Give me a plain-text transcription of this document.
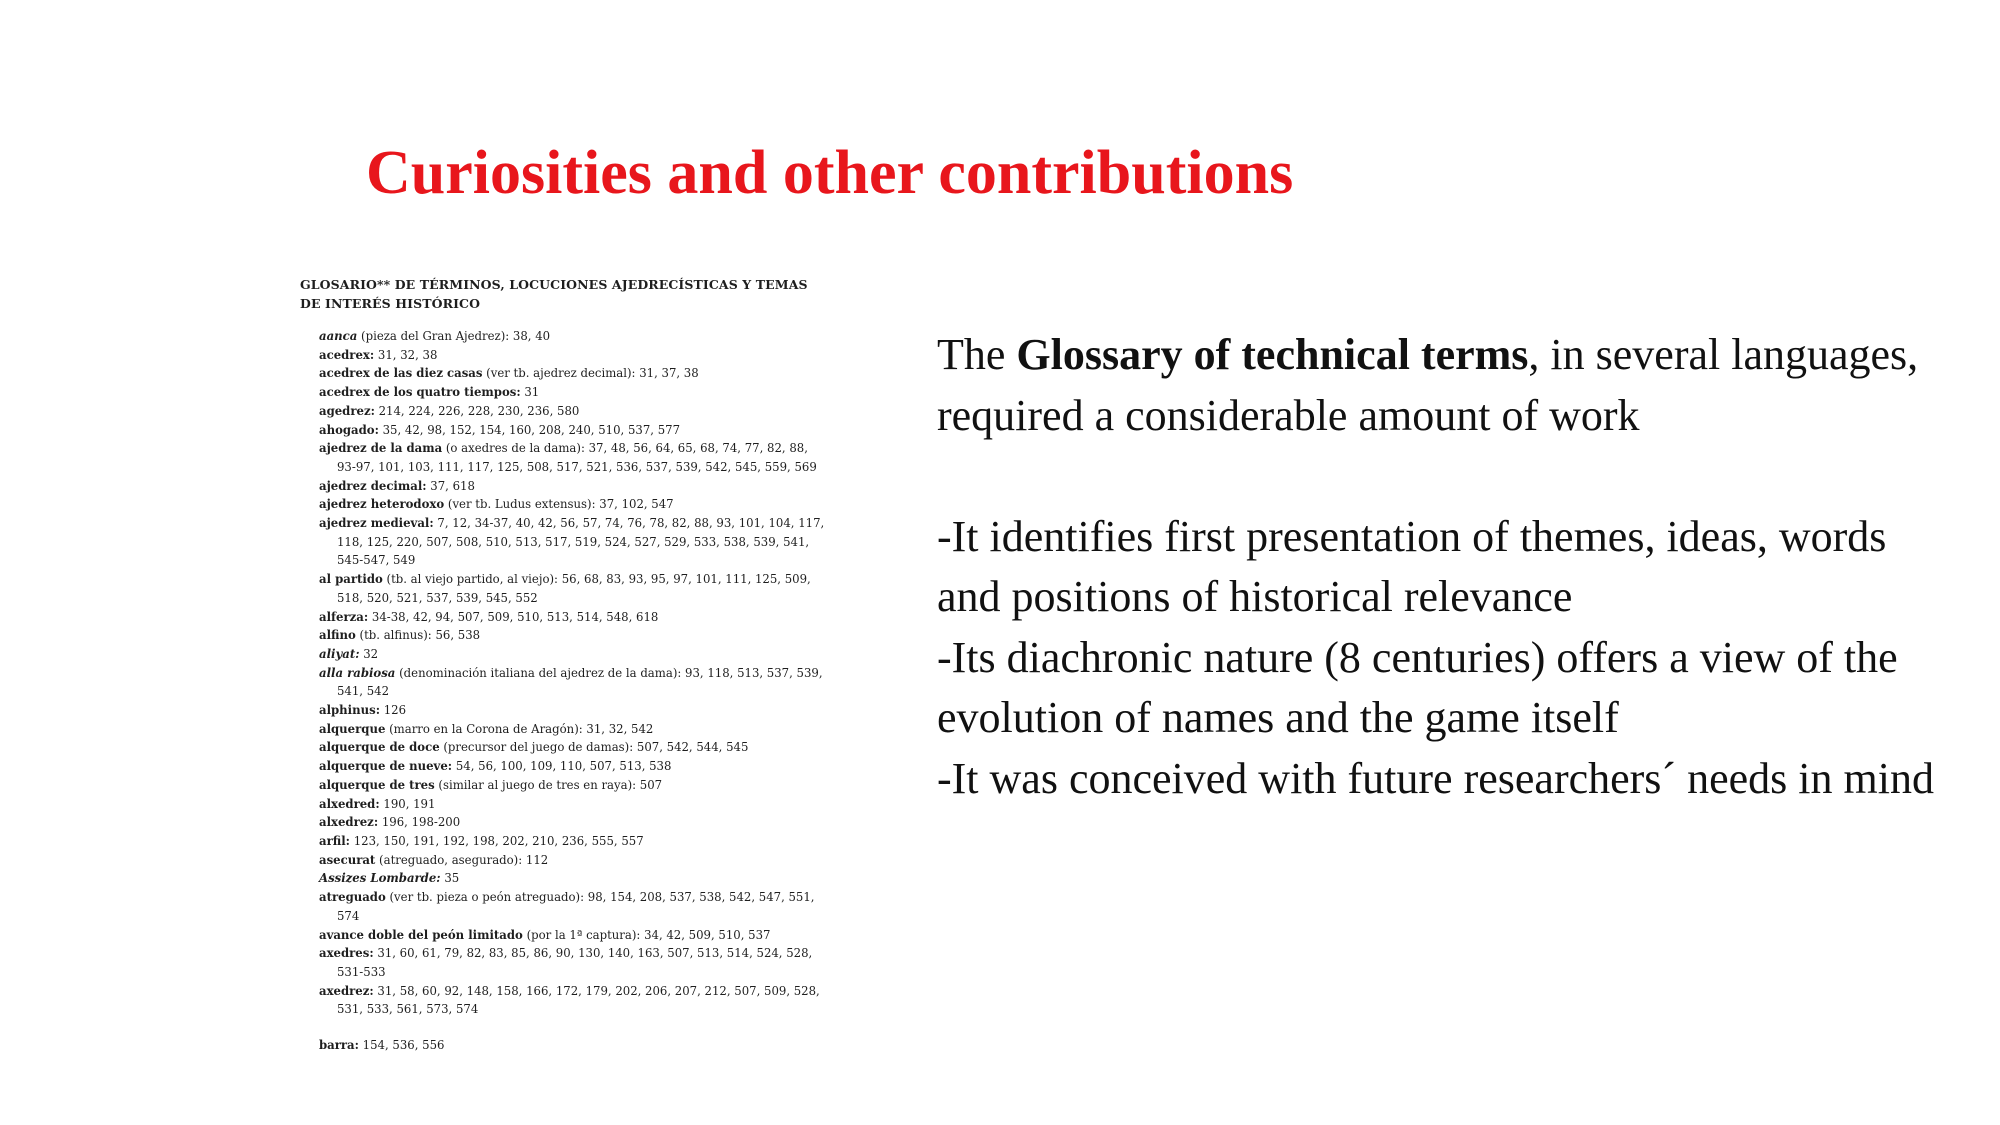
Curiosities and other contributions
GLOSARIO** DE TÉRMINOS, LOCUCIONES AJEDRECÍSTICAS Y TEMAS
DE INTERÉS HISTÓRICO
aanca (pieza del Gran Ajedrez): 38, 40
acedrex: 31, 32, 38
acedrex de las diez casas (ver tb. ajedrez decimal): 31, 37, 38
acedrex de los quatro tiempos: 31
agedrez: 214, 224, 226, 228, 230, 236, 580
ahogado: 35, 42, 98, 152, 154, 160, 208, 240, 510, 537, 577
ajedrez de la dama (o axedres de la dama): 37, 48, 56, 64, 65, 68, 74, 77, 82, 88, 93-97, 101, 103, 111, 117, 125, 508, 517, 521, 536, 537, 539, 542, 545, 559, 569
ajedrez decimal: 37, 618
ajedrez heterodoxo (ver tb. Ludus extensus): 37, 102, 547
ajedrez medieval: 7, 12, 34-37, 40, 42, 56, 57, 74, 76, 78, 82, 88, 93, 101, 104, 117, 118, 125, 220, 507, 508, 510, 513, 517, 519, 524, 527, 529, 533, 538, 539, 541, 545-547, 549
al partido (tb. al viejo partido, al viejo): 56, 68, 83, 93, 95, 97, 101, 111, 125, 509, 518, 520, 521, 537, 539, 545, 552
alferza: 34-38, 42, 94, 507, 509, 510, 513, 514, 548, 618
alfino (tb. alfinus): 56, 538
aliyat: 32
alla rabiosa (denominación italiana del ajedrez de la dama): 93, 118, 513, 537, 539, 541, 542
alphinus: 126
alquerque (marro en la Corona de Aragón): 31, 32, 542
alquerque de doce (precursor del juego de damas): 507, 542, 544, 545
alquerque de nueve: 54, 56, 100, 109, 110, 507, 513, 538
alquerque de tres (similar al juego de tres en raya): 507
alxedred: 190, 191
alxedrez: 196, 198-200
arfil: 123, 150, 191, 192, 198, 202, 210, 236, 555, 557
asecurat (atreguado, asegurado): 112
Assizes Lombarde: 35
atreguado (ver tb. pieza o peón atreguado): 98, 154, 208, 537, 538, 542, 547, 551, 574
avance doble del peón limitado (por la 1ª captura): 34, 42, 509, 510, 537
axedres: 31, 60, 61, 79, 82, 83, 85, 86, 90, 130, 140, 163, 507, 513, 514, 524, 528, 531-533
axedrez: 31, 58, 60, 92, 148, 158, 166, 172, 179, 202, 206, 207, 212, 507, 509, 528, 531, 533, 561, 573, 574
barra: 154, 536, 556

The Glossary of technical terms, in several languages, required a considerable amount of work

-It identifies first presentation of themes, ideas, words and positions of historical relevance

-Its diachronic nature (8 centuries) offers a view of the evolution of names and the game itself

-It was conceived with future researchers´ needs in mind
